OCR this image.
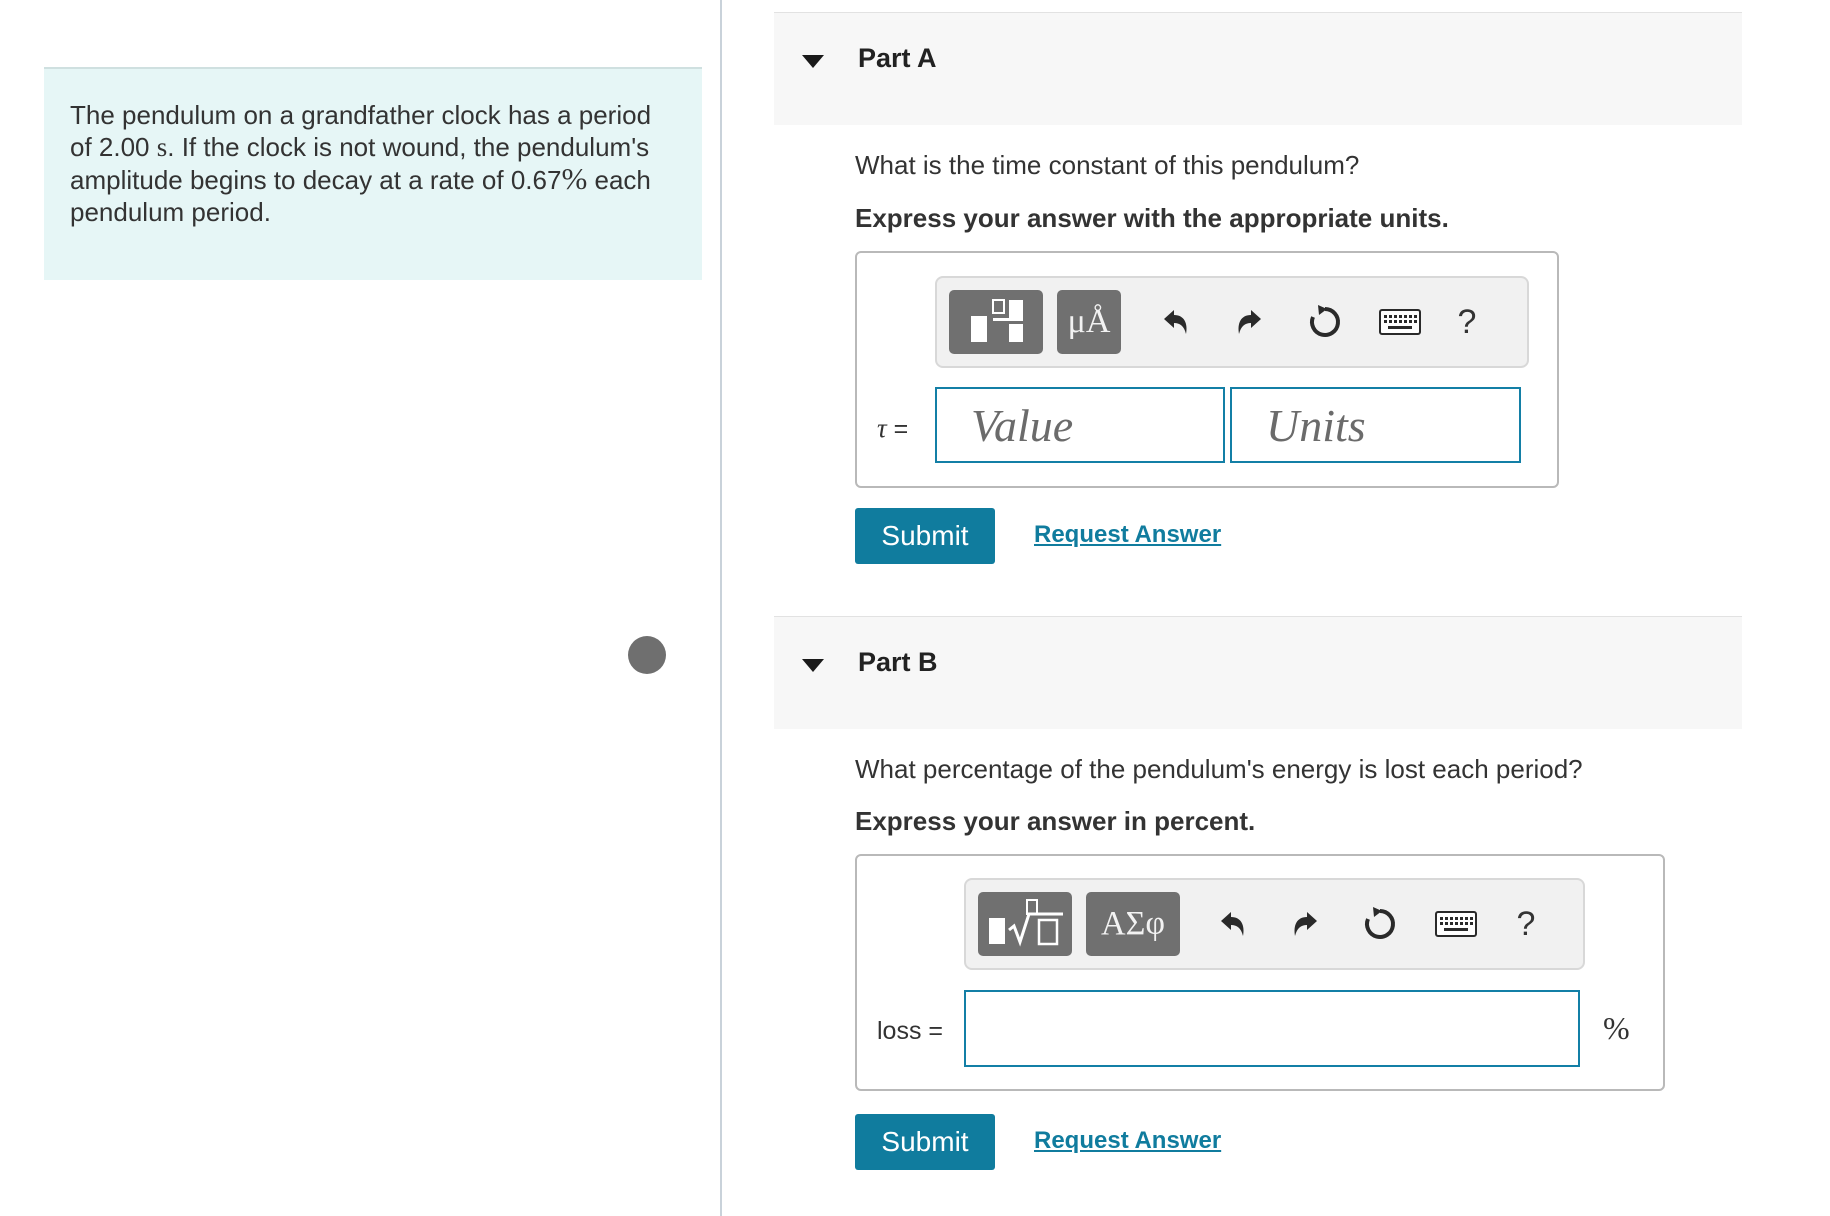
The pendulum on a grandfather clock has a period of 2.00 s. If the clock is not wound, the pendulum's amplitude begins to decay at a rate of 0.67% each pendulum period.
Part A
What is the time constant of this pendulum?
Express your answer with the appropriate units.
μÅ	?
τ =
Value
Units
Submit	Request Answer
Part B
What percentage of the pendulum's energy is lost each period?
Express your answer in percent.
ΑΣφ	?
loss =	%
Submit	Request Answer
